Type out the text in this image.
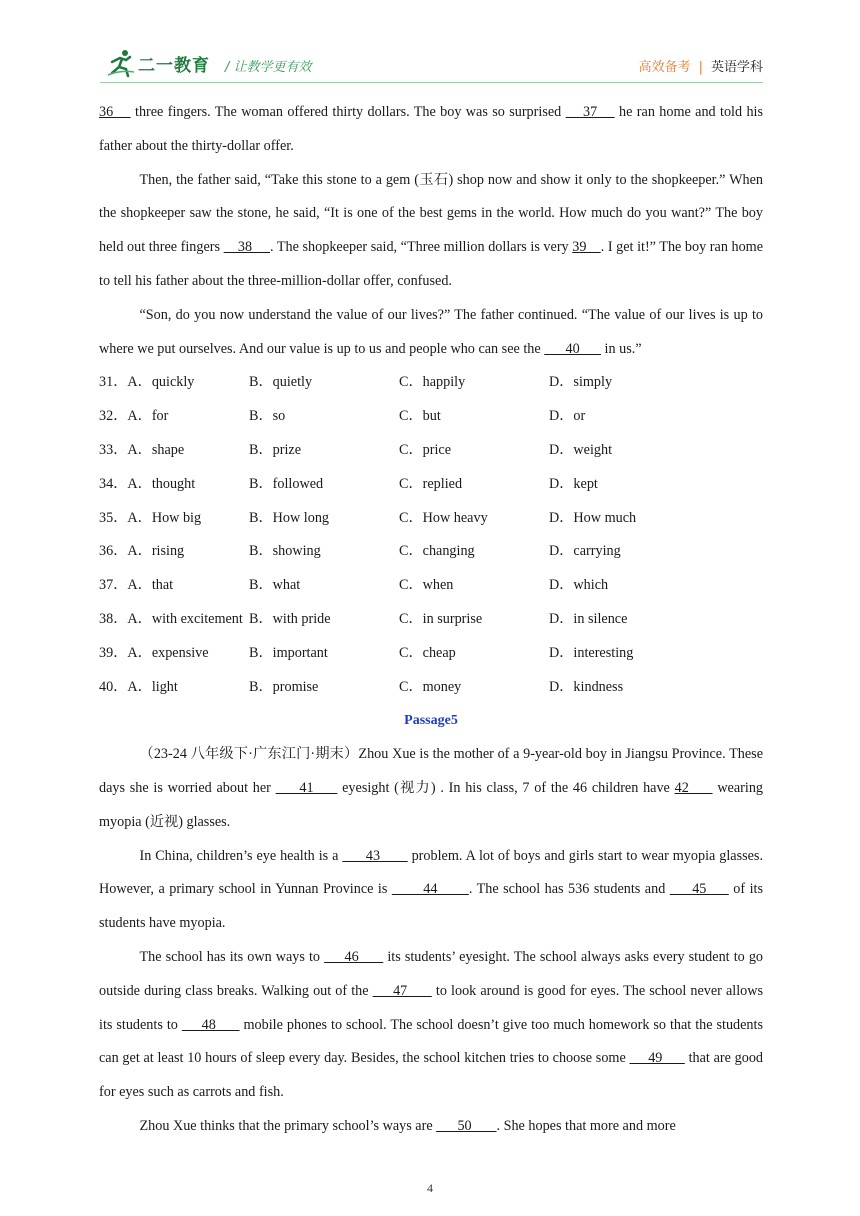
二一教育 / 让教学更有效	高效备考 | 英语学科

36     three fingers. The woman offered thirty dollars. The boy was so surprised     37     he ran home and told his father about the thirty-dollar offer.

Then, the father said, “Take this stone to a gem (玉石) shop now and show it only to the shopkeeper.” When the shopkeeper saw the stone, he said, “It is one of the best gems in the world. How much do you want?” The boy held out three fingers     38     . The shopkeeper said, “Three million dollars is very 39    . I get it!” The boy ran home to tell his father about the three-million-dollar offer, confused.

“Son, do you now understand the value of our lives?” The father continued. “The value of our lives is up to where we put ourselves. And our value is up to us and people who can see the       40       in us.”

31．A．quickly	B．quietly	C．happily	D．simply
32．A．for	B．so	C．but	D．or
33．A．shape	B．prize	C．price	D．weight
34．A．thought	B．followed	C．replied	D．kept
35．A．How big	B．How long	C．How heavy	D．How much
36．A．rising	B．showing	C．changing	D．carrying
37．A．that	B．what	C．when	D．which
38．A．with excitement B．with pride	C．in surprise	D．in silence
39．A．expensive	B．important	C．cheap	D．interesting
40．A．light	B．promise	C．money	D．kindness
Passage5

（23-24 八年级下·广东江门·期末）Zhou Xue is the mother of a 9-year-old boy in Jiangsu Province. These days she is worried about her      41      eyesight (视力) . In his class, 7 of the 46 children have 42      wearing myopia (近视) glasses.

In China, children’s eye health is a       43        problem. A lot of boys and girls start to wear myopia glasses. However, a primary school in Yunnan Province is        44       . The school has 536 students and      45      of its students have myopia.

The school has its own ways to      46       its students’ eyesight. The school always asks every student to go outside during class breaks. Walking out of the      47       to look around is good for eyes. The school never allows its students to      48       mobile phones to school. The school doesn’t give too much homework so that the students can get at least 10 hours of sleep every day. Besides, the school kitchen tries to choose some      49       that are good for eyes such as carrots and fish.

Zhou Xue thinks that the primary school’s ways are       50       . She hopes that more and more

4
